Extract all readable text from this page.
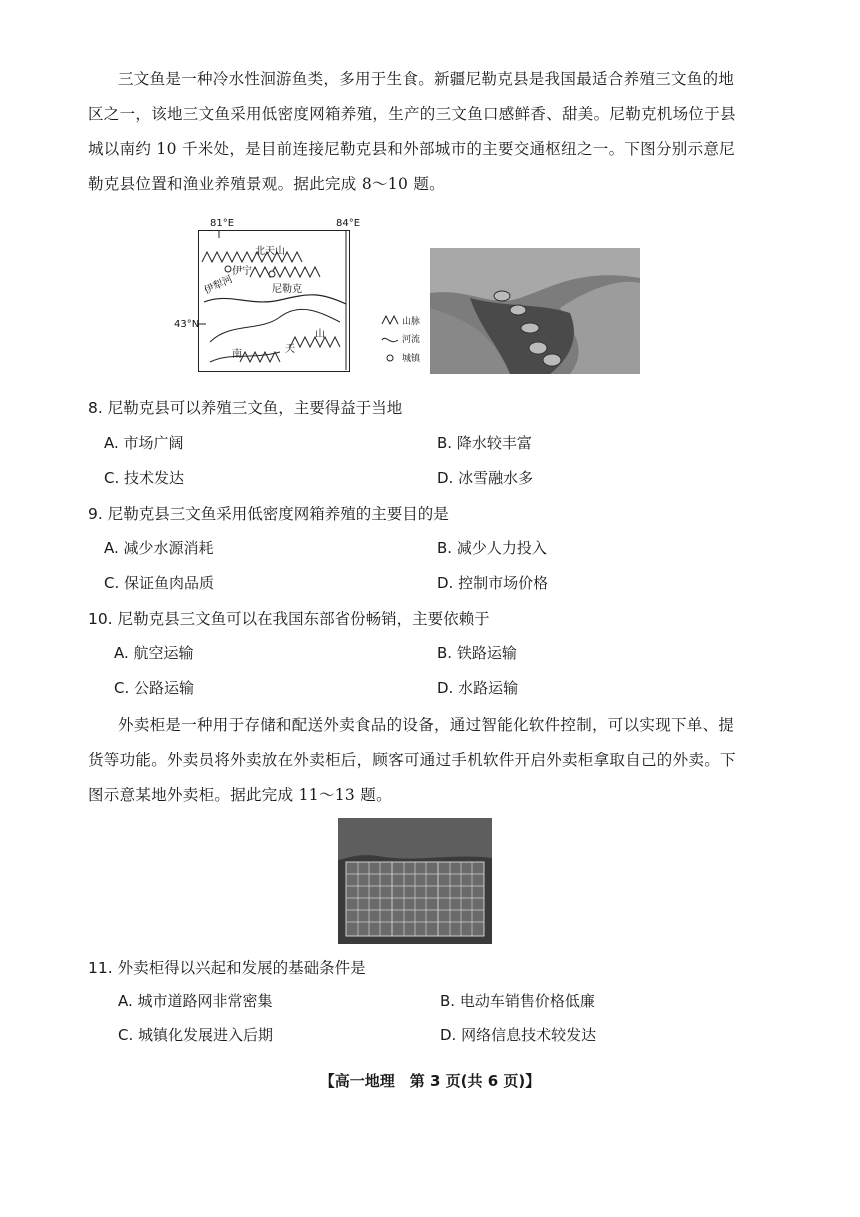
三文鱼是一种冷水性洄游鱼类，多用于生食。新疆尼勒克县是我国最适合养殖三文鱼的地区之一，该地三文鱼采用低密度网箱养殖，生产的三文鱼口感鲜香、甜美。尼勒克机场位于县城以南约 10 千米处，是目前连接尼勒克县和外部城市的主要交通枢纽之一。下图分别示意尼勒克县位置和渔业养殖景观。据此完成 8～10 题。

81°E	84°E
43°N
北天山
伊宁
伊犁河	尼勒克
山
南	天
山脉
河流
城镇

8. 尼勒克县可以养殖三文鱼，主要得益于当地

A. 市场广阔	B. 降水较丰富

C. 技术发达	D. 冰雪融水多

9. 尼勒克县三文鱼采用低密度网箱养殖的主要目的是

A. 减少水源消耗	B. 减少人力投入

C. 保证鱼肉品质	D. 控制市场价格

10. 尼勒克县三文鱼可以在我国东部省份畅销，主要依赖于

A. 航空运输	B. 铁路运输

C. 公路运输	D. 水路运输

外卖柜是一种用于存储和配送外卖食品的设备，通过智能化软件控制，可以实现下单、提货等功能。外卖员将外卖放在外卖柜后，顾客可通过手机软件开启外卖柜拿取自己的外卖。下图示意某地外卖柜。据此完成 11～13 题。

11. 外卖柜得以兴起和发展的基础条件是

A. 城市道路网非常密集	B. 电动车销售价格低廉

C. 城镇化发展进入后期	D. 网络信息技术较发达

【高一地理　第 3 页(共 6 页)】
